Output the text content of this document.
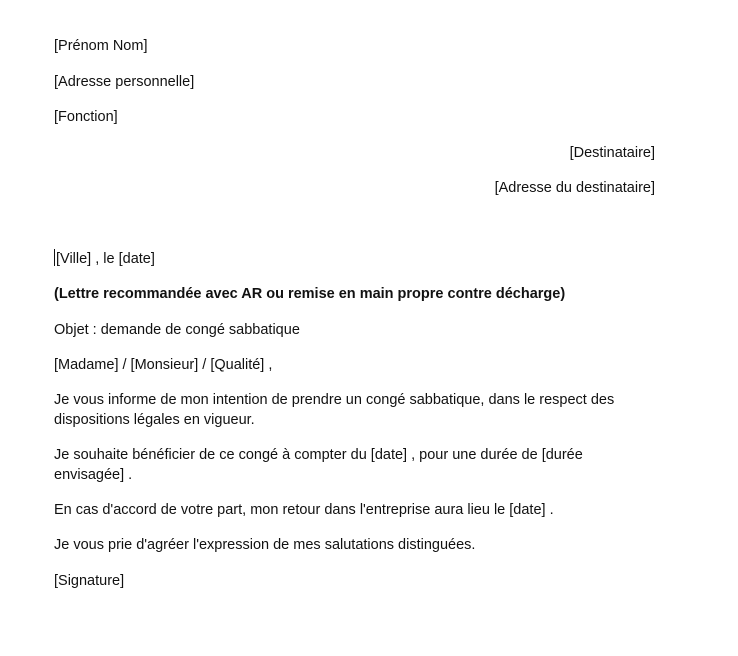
[Prénom Nom]
[Adresse personnelle]
[Fonction]
[Destinataire]
[Adresse du destinataire]
[Ville] , le [date]
(Lettre recommandée avec AR ou remise en main propre contre décharge)
Objet : demande de congé sabbatique
[Madame] / [Monsieur] / [Qualité] ,
Je vous informe de mon intention de prendre un congé sabbatique, dans le respect des dispositions légales en vigueur.
Je souhaite bénéficier de ce congé à compter du [date] , pour une durée de [durée envisagée] .
En cas d'accord de votre part, mon retour dans l'entreprise aura lieu le [date] .
Je vous prie d'agréer l'expression de mes salutations distinguées.
[Signature]
